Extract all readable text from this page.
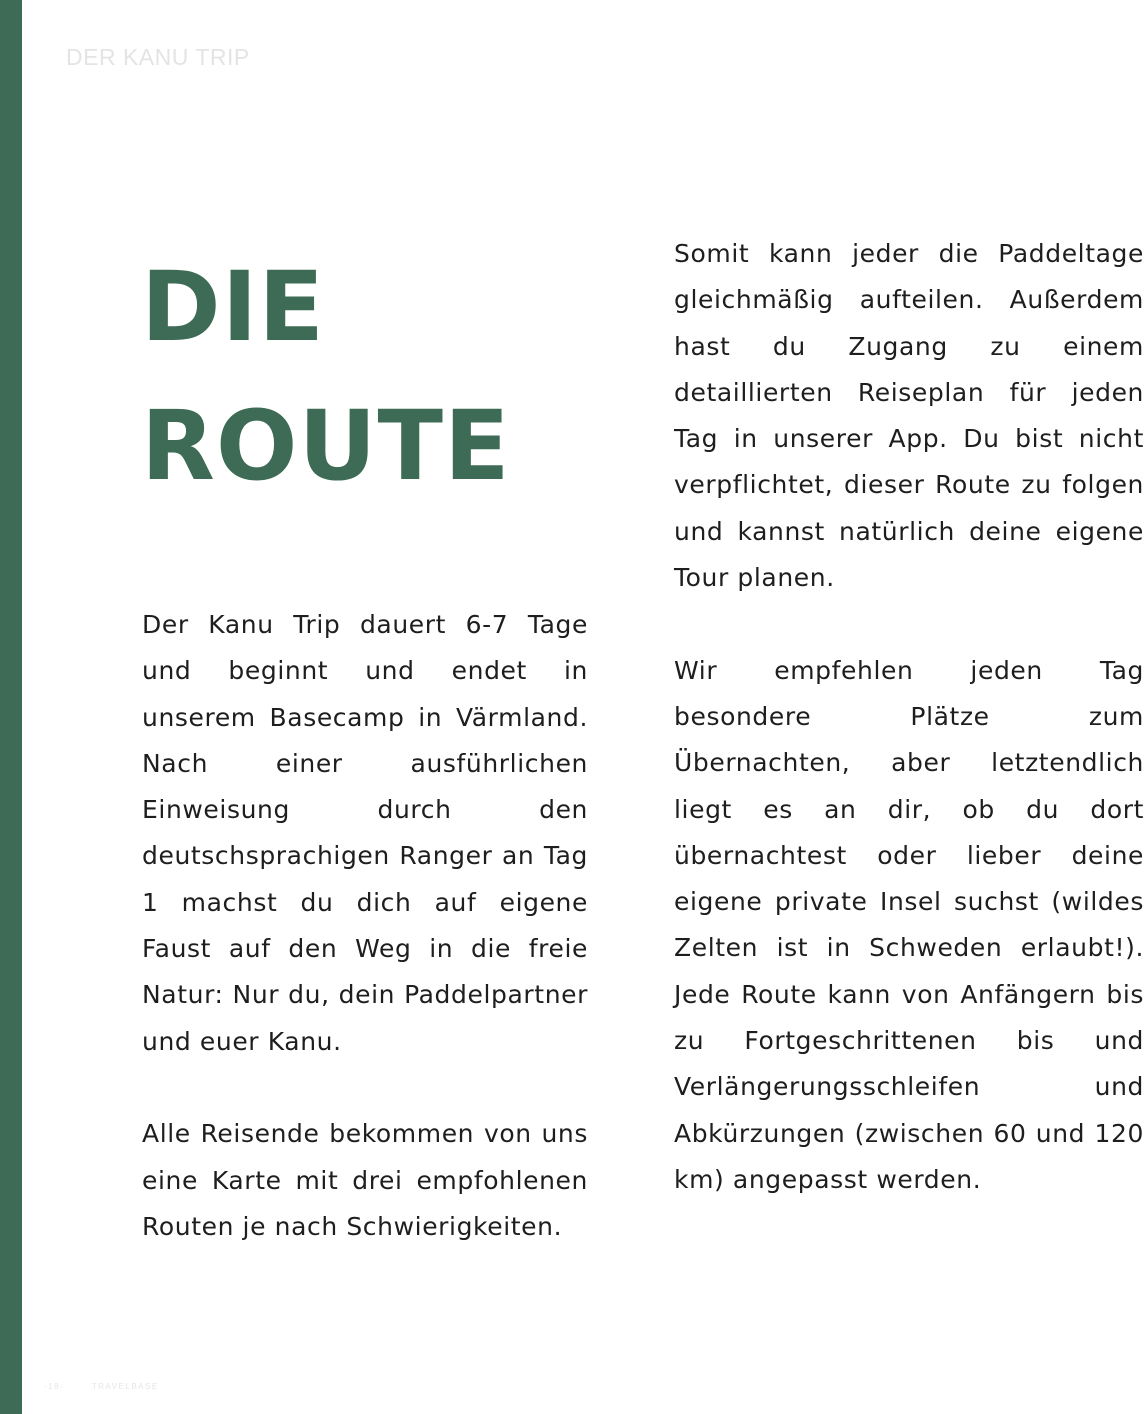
DER KANU TRIP
DIE
ROUTE

Der Kanu Trip dauert 6-7 Tage und beginnt und endet in unserem Basecamp in Värmland. Nach einer ausführlichen Einweisung durch den deutschsprachigen Ranger an Tag 1 machst du dich auf eigene Faust auf den Weg in die freie Natur: Nur du, dein Paddelpartner und euer Kanu.

Alle Reisende bekommen von uns eine Karte mit drei empfohlenen Routen je nach Schwierigkeiten.

Somit kann jeder die Paddeltage gleichmäßig aufteilen. Außerdem hast du Zugang zu einem detaillierten Reiseplan für jeden Tag in unserer App. Du bist nicht verpflichtet, dieser Route zu folgen und kannst natürlich deine eigene Tour planen.

Wir empfehlen jeden Tag besondere Plätze zum Übernachten, aber letztendlich liegt es an dir, ob du dort übernachtest oder lieber deine eigene private Insel suchst (wildes Zelten ist in Schweden erlaubt!). Jede Route kann von Anfängern bis zu Fortgeschrittenen bis und Verlängerungsschleifen und Abkürzungen (zwischen 60 und 120 km) angepasst werden.

-18-	TRAVELBASE
